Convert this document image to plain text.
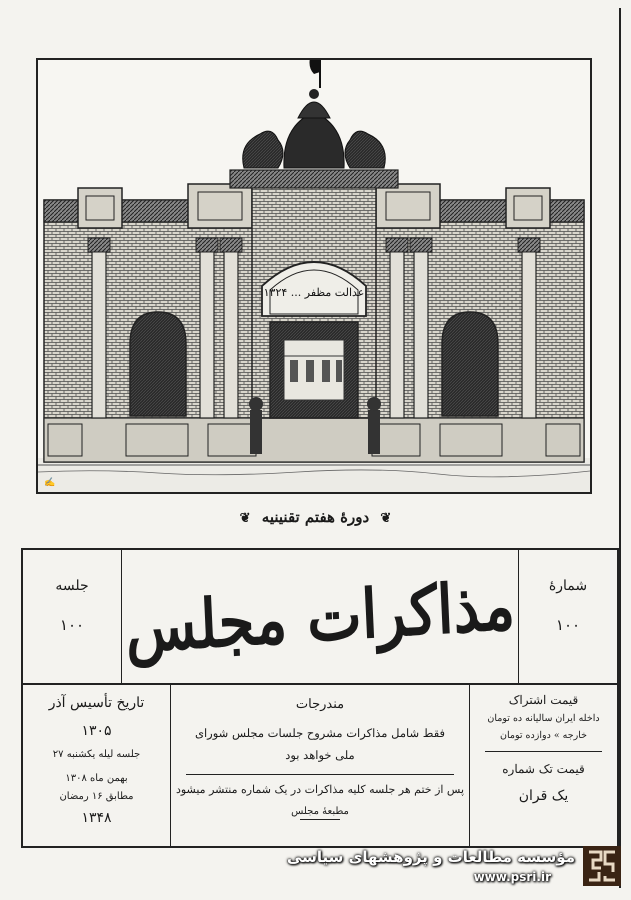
عدالت مظفر ... ۱۳۲۴
✍
❦ دورهٔ هفتم تقنینیه ❦
جلسه
۱۰۰ مذاکرات مجلس	شمارهٔ
۱۰۰
تاریخ تأسیس آذر
۱۳۰۵
جلسه لیله یکشنبه ۲۷
بهمن ماه ۱۳۰۸
مطابق ۱۶ رمضان
۱۳۴۸
مندرجات
فقط شامل مذاکرات مشروح جلسات مجلس شورای ملی خواهد بود
پس از ختم هر جلسه کلیه مذاکرات در یک شماره منتشر میشود
مطبعهٔ مجلس
قیمت اشتراک
داخله ایران سالیانه ده تومان
خارجه » دوازده تومان
قیمت تک شماره
یک قران
مؤسسه مطالعات و پژوهشهای سیاسی
www.psri.ir
